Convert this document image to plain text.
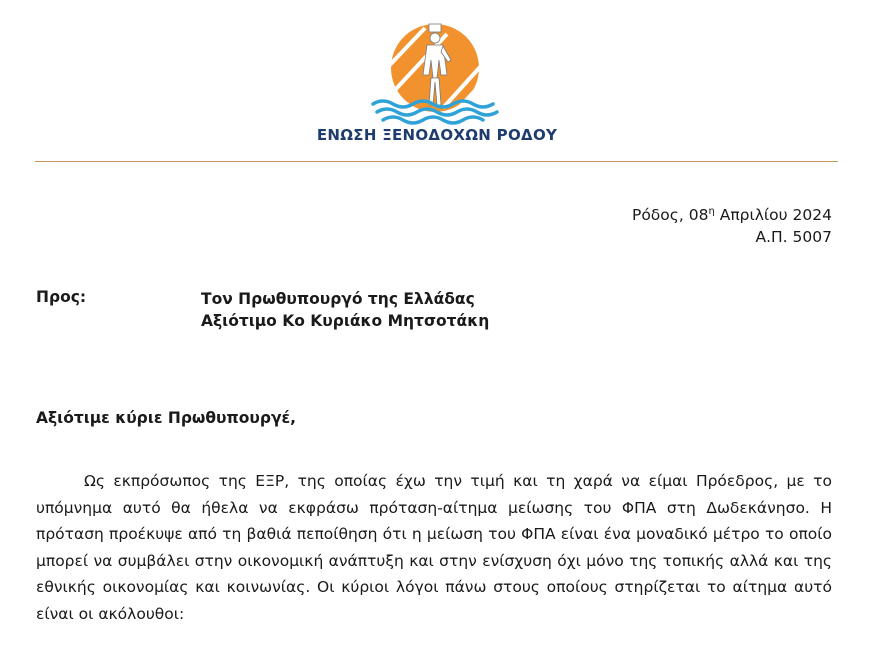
ΕΝΩΣΗ ΞΕΝΟΔΟΧΩΝ ΡΟΔΟΥ
Ρόδος, $08^\eta$ Απριλίου 2024
Α.Π. 5007
Προς:	Τον Πρωθυπουργό της Ελλάδας
Αξιότιμο Κο Κυριάκο Μητσοτάκη
Αξιότιμε κύριε Πρωθυπουργέ,

Ως εκπρόσωπος της ΕΞΡ, της οποίας έχω την τιμή και τη χαρά να είμαι Πρόεδρος, με το υπόμνημα αυτό θα ήθελα να εκφράσω πρόταση-αίτημα μείωσης του ΦΠΑ στη Δωδεκάνησο. Η πρόταση προέκυψε από τη βαθιά πεποίθηση ότι η μείωση του ΦΠΑ είναι ένα μοναδικό μέτρο το οποίο μπορεί να συμβάλει στην οικονομική ανάπτυξη και στην ενίσχυση όχι μόνο της τοπικής αλλά και της εθνικής οικονομίας και κοινωνίας. Οι κύριοι λόγοι πάνω στους οποίους στηρίζεται το αίτημα αυτό είναι οι ακόλουθοι:
